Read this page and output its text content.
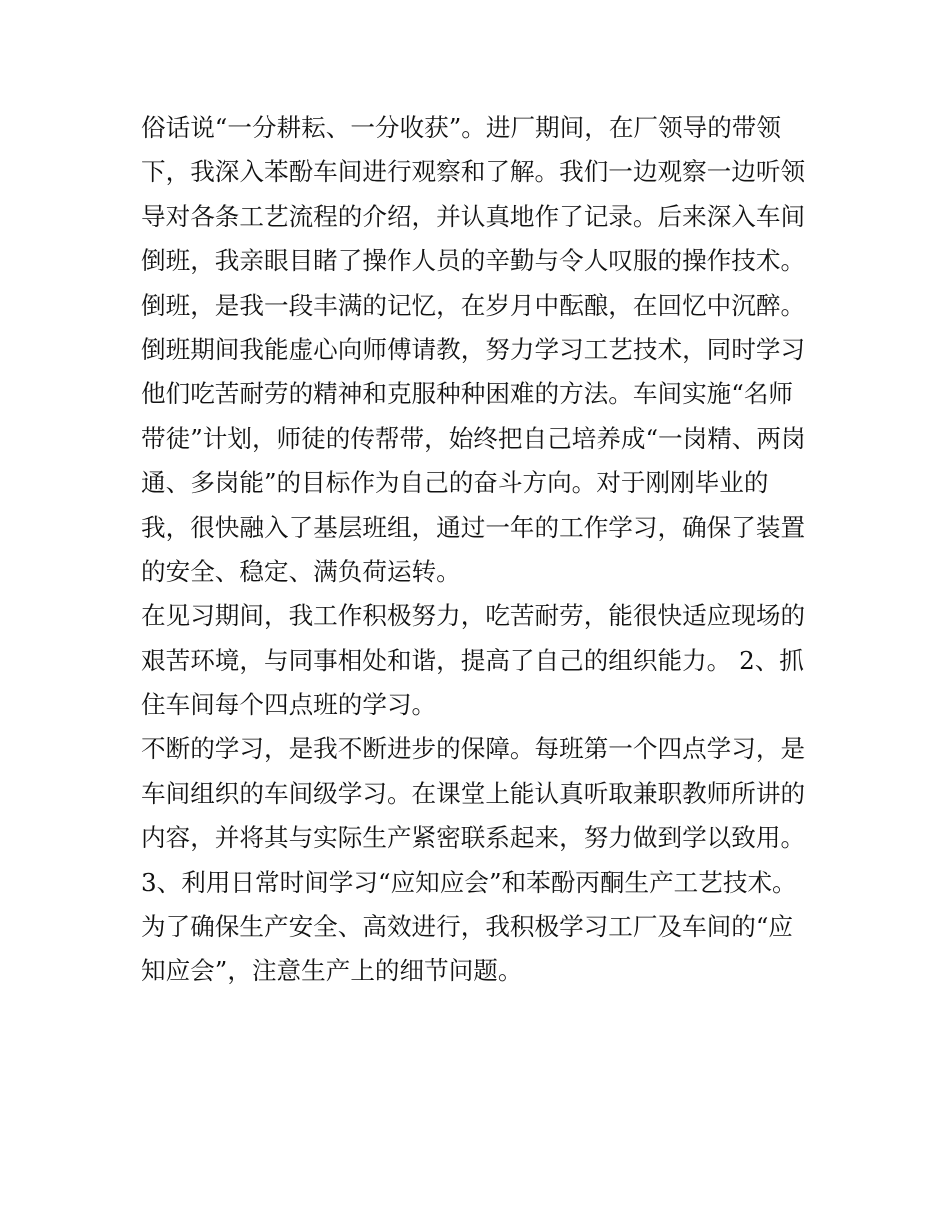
俗话说“一分耕耘、一分收获”。进厂期间，在厂领导的带领
下，我深入苯酚车间进行观察和了解。我们一边观察一边听领
导对各条工艺流程的介绍，并认真地作了记录。后来深入车间
倒班，我亲眼目睹了操作人员的辛勤与令人叹服的操作技术。
倒班，是我一段丰满的记忆，在岁月中酝酿，在回忆中沉醉。
倒班期间我能虚心向师傅请教，努力学习工艺技术，同时学习
他们吃苦耐劳的精神和克服种种困难的方法。车间实施“名师
带徒”计划，师徒的传帮带，始终把自己培养成“一岗精、两岗
通、多岗能”的目标作为自己的奋斗方向。对于刚刚毕业的
我，很快融入了基层班组，通过一年的工作学习，确保了装置
的安全、稳定、满负荷运转。
在见习期间，我工作积极努力，吃苦耐劳，能很快适应现场的
艰苦环境，与同事相处和谐，提高了自己的组织能力。 2、抓
住车间每个四点班的学习。
不断的学习，是我不断进步的保障。每班第一个四点学习，是
车间组织的车间级学习。在课堂上能认真听取兼职教师所讲的
内容，并将其与实际生产紧密联系起来，努力做到学以致用。
3、利用日常时间学习“应知应会”和苯酚丙酮生产工艺技术。
为了确保生产安全、高效进行，我积极学习工厂及车间的“应
知应会”，注意生产上的细节问题。
